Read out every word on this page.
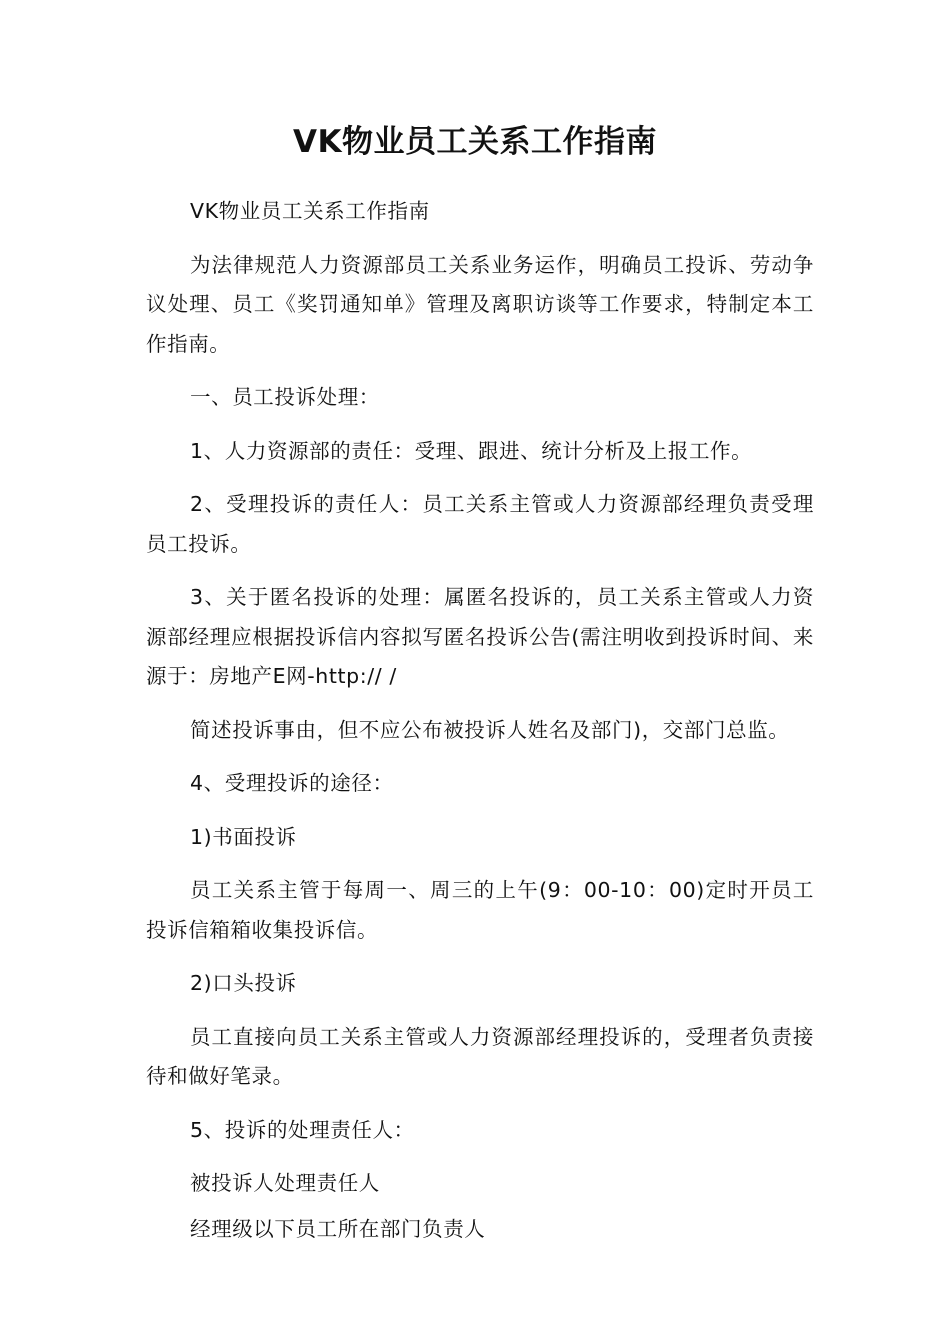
VK物业员工关系工作指南

VK物业员工关系工作指南

为法律规范人力资源部员工关系业务运作，明确员工投诉、劳动争议处理、员工《奖罚通知单》管理及离职访谈等工作要求，特制定本工作指南。

一、员工投诉处理：

1、人力资源部的责任：受理、跟进、统计分析及上报工作。

2、受理投诉的责任人：员工关系主管或人力资源部经理负责受理员工投诉。

3、关于匿名投诉的处理：属匿名投诉的，员工关系主管或人力资源部经理应根据投诉信内容拟写匿名投诉公告(需注明收到投诉时间、来源于：房地产E网-http:// /

简述投诉事由，但不应公布被投诉人姓名及部门)，交部门总监。

4、受理投诉的途径：

1)书面投诉

员工关系主管于每周一、周三的上午(9：00-10：00)定时开员工投诉信箱箱收集投诉信。

2)口头投诉

员工直接向员工关系主管或人力资源部经理投诉的，受理者负责接待和做好笔录。

5、投诉的处理责任人：

被投诉人处理责任人

经理级以下员工所在部门负责人
